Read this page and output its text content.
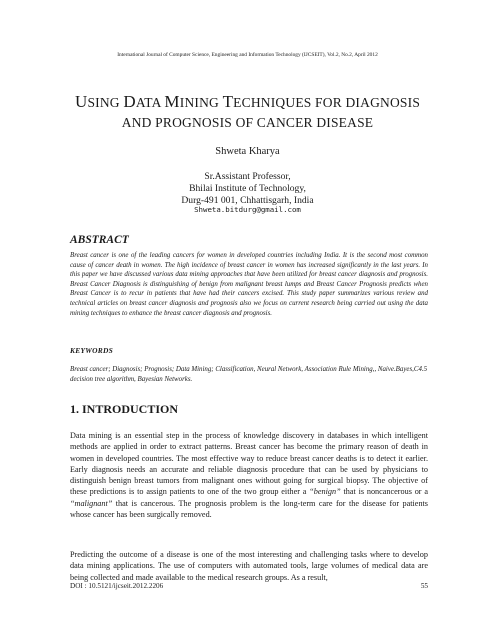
International Journal of Computer Science, Engineering and Information Technology (IJCSEIT), Vol.2, No.2, April 2012
USING DATA MINING TECHNIQUES FOR DIAGNOSIS
AND PROGNOSIS OF CANCER DISEASE
Shweta Kharya
Sr.Assistant Professor,
Bhilai Institute of Technology,
Durg-491 001, Chhattisgarh, India
Shweta.bitdurg@gmail.com
ABSTRACT
Breast cancer is one of the leading cancers for women in developed countries including India. It is the second most common cause of cancer death in women. The high incidence of breast cancer in women has increased significantly in the last years. In this paper we have discussed various data mining approaches that have been utilized for breast cancer diagnosis and prognosis. Breast Cancer Diagnosis is distinguishing of benign from malignant breast lumps and Breast Cancer Prognosis predicts when Breast Cancer is to recur in patients that have had their cancers excised. This study paper summarizes various review and technical articles on breast cancer diagnosis and prognosis also we focus on current research being carried out using the data mining techniques to enhance the breast cancer diagnosis and prognosis.
KEYWORDS
Breast cancer; Diagnosis; Prognosis; Data Mining; Classification, Neural Network, Association Rule Mining,, Naive.Bayes,C4.5 decision tree algorithm, Bayesian Networks.
1. INTRODUCTION
Data mining is an essential step in the process of knowledge discovery in databases in which intelligent methods are applied in order to extract patterns. Breast cancer has become the primary reason of death in women in developed countries. The most effective way to reduce breast cancer deaths is to detect it earlier. Early diagnosis needs an accurate and reliable diagnosis procedure that can be used by physicians to distinguish benign breast tumors from malignant ones without going for surgical biopsy. The objective of these predictions is to assign patients to one of the two group either a “benign” that is noncancerous or a “malignant” that is cancerous. The prognosis problem is the long-term care for the disease for patients whose cancer has been surgically removed.
Predicting the outcome of a disease is one of the most interesting and challenging tasks where to develop data mining applications. The use of computers with automated tools, large volumes of medical data are being collected and made available to the medical research groups. As a result,
DOI : 10.5121/ijcseit.2012.2206	55
